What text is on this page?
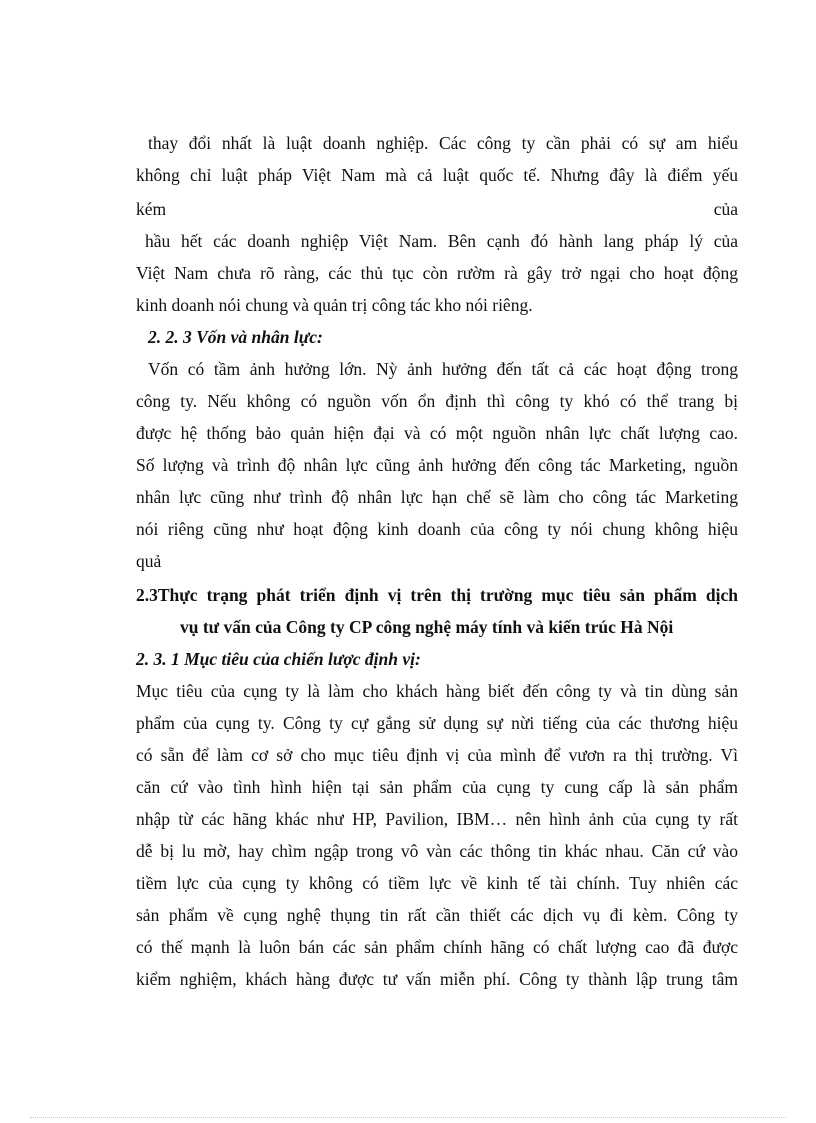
thay đổi nhất là luật doanh nghiệp. Các công ty cần phải có sự am hiểu
không chỉ luật pháp Việt Nam mà cả luật quốc tế. Nhưng đây là điểm yếu
kém	của
hầu hết các doanh nghiệp Việt Nam. Bên cạnh đó hành lang pháp lý của
Việt Nam chưa rõ ràng, các thủ tục còn rườm rà gây trở ngại cho hoạt động
kinh doanh nói chung và quản trị công tác kho nói riêng.
2. 2. 3 Vốn và nhân lực:
Vốn có tầm ảnh hưởng lớn. Nỳ ảnh hưởng đến tất cả các hoạt động trong
công ty. Nếu không có nguồn vốn ổn định thì công ty khó có thể trang bị
được hệ thống bảo quản hiện đại và có một nguồn nhân lực chất lượng cao.
Số lượng và trình độ nhân lực cũng ảnh hưởng đến công tác Marketing, nguồn
nhân lực cũng như trình độ nhân lực hạn chế sẽ làm cho công tác Marketing
nói riêng cũng như hoạt động kinh doanh của công ty nói chung không hiệu
quả
2.3Thực trạng phát triển định vị trên thị trường mục tiêu sản phẩm dịch
vụ tư vấn của Công ty CP công nghệ máy tính và kiến trúc Hà Nội
2. 3. 1 Mục tiêu của chiến lược định vị:
Mục tiêu của cụng ty là làm cho khách hàng biết đến công ty và tin dùng sản
phẩm của cụng ty. Công ty cự gắng sử dụng sự nừi tiếng của các thương hiệu
có sẵn để làm cơ sở cho mục tiêu định vị của mình để vươn ra thị trường. Vì
căn cứ vào tình hình hiện tại sản phẩm của cụng ty cung cấp là sản phẩm
nhập từ các hãng khác như HP, Pavilion, IBM… nên hình ảnh của cụng ty rất
dễ bị lu mờ, hay chìm ngập trong vô vàn các thông tin khác nhau. Căn cứ vào
tiềm lực của cụng ty không có tiềm lực về kinh tế tài chính. Tuy nhiên các
sản phẩm về cụng nghệ thụng tin rất cần thiết các dịch vụ đi kèm. Công ty
có thế mạnh là luôn bán các sản phẩm chính hãng có chất lượng cao đã được
kiểm nghiệm, khách hàng được tư vấn miễn phí. Công ty thành lập trung tâm
